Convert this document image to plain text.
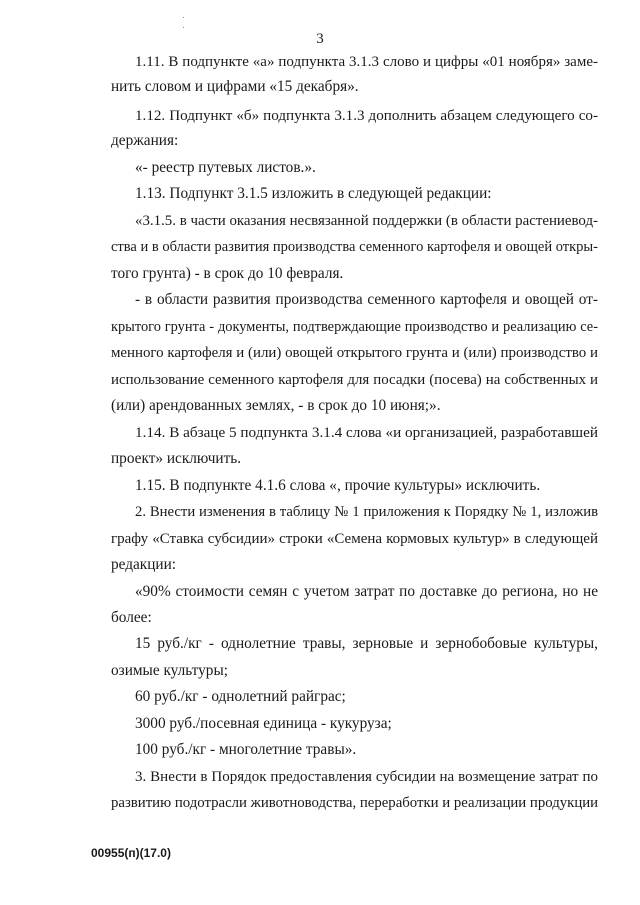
3
1.11. В подпункте «а» подпункта 3.1.3 слово и цифры «01 ноября» заме-
нить словом и цифрами «15 декабря».
1.12. Подпункт «б» подпункта 3.1.3 дополнить абзацем следующего со-
держания:
«- реестр путевых листов.».
1.13. Подпункт 3.1.5 изложить в следующей редакции:
«3.1.5. в части оказания несвязанной поддержки (в области растениевод-
ства и в области развития производства семенного картофеля и овощей откры-
того грунта) - в срок до 10 февраля.
- в области развития производства семенного картофеля и овощей от-
крытого грунта - документы, подтверждающие производство и реализацию се-
менного картофеля и (или) овощей открытого грунта и (или) производство и
использование семенного картофеля для посадки (посева) на собственных и
(или) арендованных землях, - в срок до 10 июня;».
1.14. В абзаце 5 подпункта 3.1.4 слова «и организацией, разработавшей
проект» исключить.
1.15. В подпункте 4.1.6 слова «, прочие культуры» исключить.
2. Внести изменения в таблицу № 1 приложения к Порядку № 1, изложив
графу «Ставка субсидии» строки «Семена кормовых культур» в следующей
редакции:
«90% стоимости семян с учетом затрат по доставке до региона, но не
более:
15 руб./кг - однолетние травы, зерновые и зернобобовые культуры,
озимые культуры;
60 руб./кг - однолетний райграс;
3000 руб./посевная единица - кукуруза;
100 руб./кг - многолетние травы».
3. Внести в Порядок предоставления субсидии на возмещение затрат по
развитию подотрасли животноводства, переработки и реализации продукции
00955(п)(17.0)
